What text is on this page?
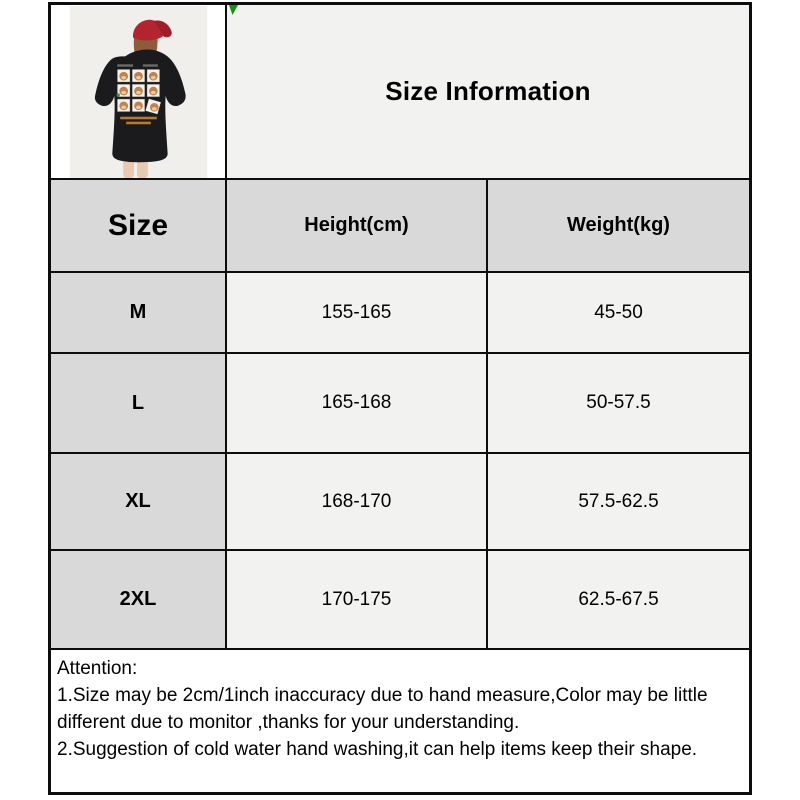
Size Information
Size	Height(cm)	Weight(kg)
M	155-165	45-50
L	165-168	50-57.5
XL	168-170	57.5-62.5
2XL	170-175	62.5-67.5

Attention:

1.Size may be 2cm/1inch inaccuracy due to hand measure,Color may be little different due to monitor ,thanks for your understanding.

2.Suggestion of cold water hand washing,it can help items keep their shape.
